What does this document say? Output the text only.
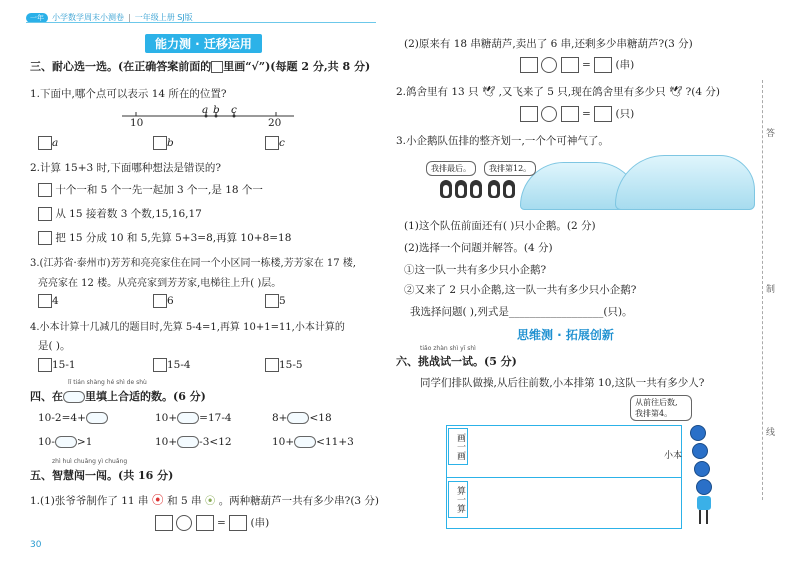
一年	小学数学周末小测卷 | 一年级上册 SJ版
能力测 · 迁移运用
三、耐心选一选。(在正确答案前面的 里画“√”)(每题 2 分,共 8 分)
1.下面中,哪个点可以表示 14 所在的位置?
a b c
10	20
a	b	c
2.计算 15+3 时,下面哪种想法是错误的?
十个一和 5 个一先一起加 3 个一,是 18 个一
从 15 接着数 3 个数,15,16,17
把 15 分成 10 和 5,先算 5+3=8,再算 10+8=18
3.(江苏省·泰州市)芳芳和亮亮家住在同一个小区同一栋楼,芳芳家在 17 楼,
亮亮家在 12 楼。从亮亮家到芳芳家,电梯往上升( )层。
4	6	5
4.小本计算十几减几的题目时,先算 5-4=1,再算 10+1=11,小本计算的
是( )。
15-1	15-4	15-5
lǐ tián shàng hé shì de shù
四、在 里填上合适的数。(6 分)
10-2=4+	10+ =17-4	8+ <18
10- >1	10+ -3<12	10+ <11+3
zhì huì chuǎng yì chuǎng
五、智慧闯一闯。(共 16 分)
1.(1)张爷爷制作了 11 串 ⦿ 和 5 串 ⦿ 。两种糖葫芦一共有多少串?(3 分)
=  (串)
30
(2)原来有 18 串糖葫芦,卖出了 6 串,还剩多少串糖葫芦?(3 分)
=  (串)
2.鸽舍里有 13 只 🕊 ,又飞来了 5 只,现在鸽舍里有多少只 🕊 ?(4 分)
=  (只)
3.小企鹅队伍排的整齐划一,一个个可神气了。
我排最后。	我排第12。
(1)这个队伍前面还有( )只小企鹅。(2 分)
(2)选择一个问题并解答。(4 分)
①这一队一共有多少只小企鹅?
②又来了 2 只小企鹅,这一队一共有多少只小企鹅?
我选择问题( ),列式是__________________(只)。
思维测 · 拓展创新
tiǎo zhàn shì yī shì
六、挑战试一试。(5 分)
同学们排队做操,从后往前数,小本排第 10,这队一共有多少人?
画一画
算一算
从前往后数,
我排第4。
小本
答
制
线
